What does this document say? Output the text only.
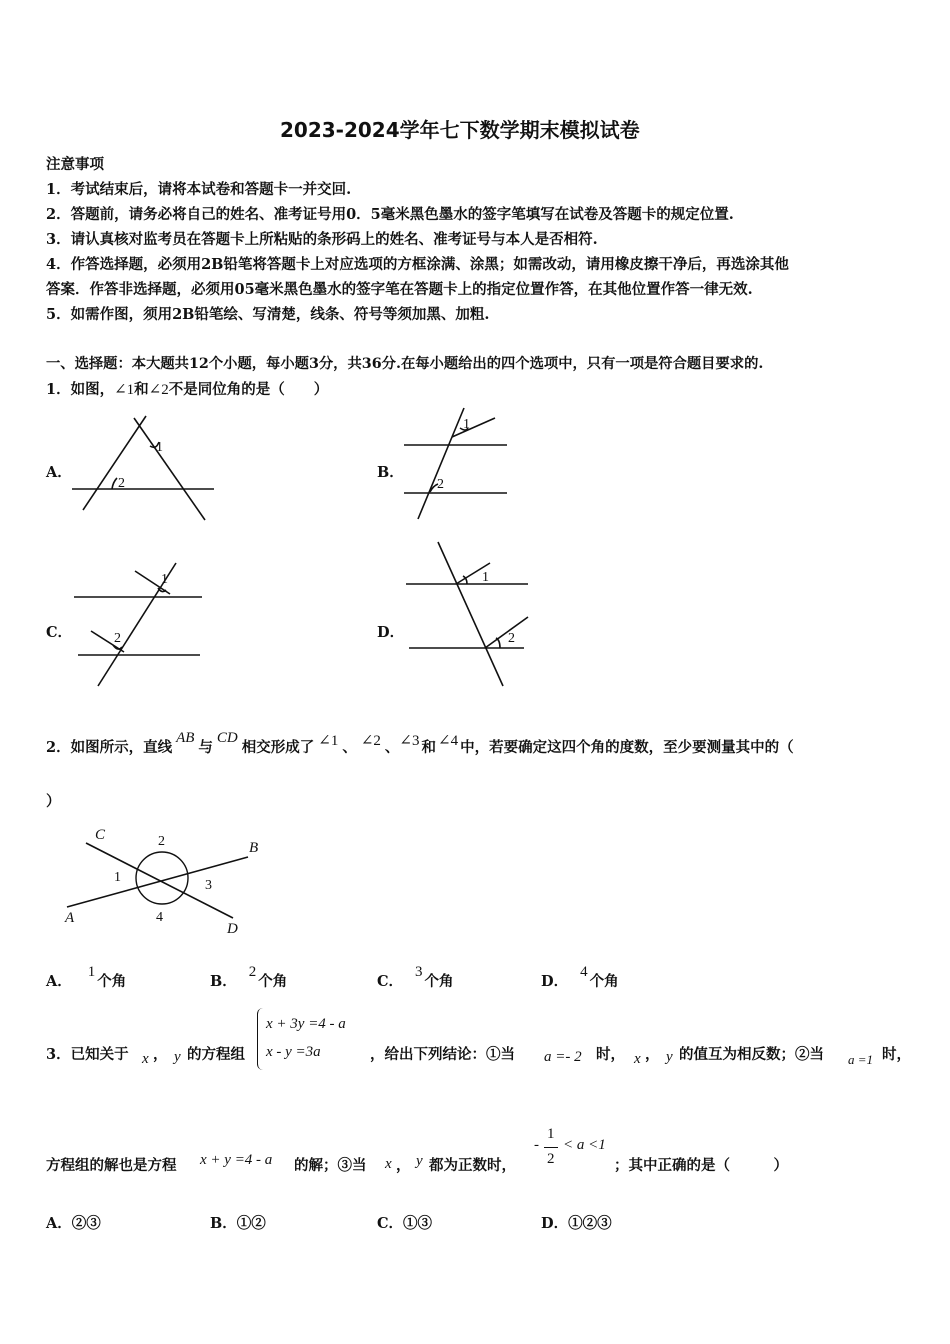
2023-2024学年七下数学期末模拟试卷
注意事项
1．考试结束后，请将本试卷和答题卡一并交回.
2．答题前，请务必将自己的姓名、准考证号用0．5毫米黑色墨水的签字笔填写在试卷及答题卡的规定位置.
3．请认真核对监考员在答题卡上所粘贴的条形码上的姓名、准考证号与本人是否相符.
4．作答选择题，必须用2B铅笔将答题卡上对应选项的方框涂满、涂黑；如需改动，请用橡皮擦干净后，再选涂其他
答案．作答非选择题，必须用05毫米黑色墨水的签字笔在答题卡上的指定位置作答，在其他位置作答一律无效.
5．如需作图，须用2B铅笔绘、写清楚，线条、符号等须加黑、加粗.
一、选择题：本大题共12个小题，每小题3分，共36分.在每小题给出的四个选项中，只有一项是符合题目要求的.
1．如图，∠1和∠2不是同位角的是（　　）
A．	B．
C．	D．
1
2
1
2
1
2
1
2
2．如图所示，直线AB与CD相交形成了 ∠1 、 ∠2 、∠3 和 ∠4 中，若要确定这四个角的度数，至少要测量其中的（
）
C
B
A
D
2
1
3
4
A．1个角	B．2个角	C．3个角	D．4个角
3．已知关于 x ， y 的方程组
x + 3y =4 - a
x - y =3a	，给出下列结论：①当 a =- 2 时， x ， y 的值互为相反数；②当 a =1 时，
方程组的解也是方程 x + y =4 - a 的解；③当 x ， y 都为正数时，
-
1
2
< a <1
；其中正确的是（　　　）
A．②③	B．①②	C．①③	D．①②③
